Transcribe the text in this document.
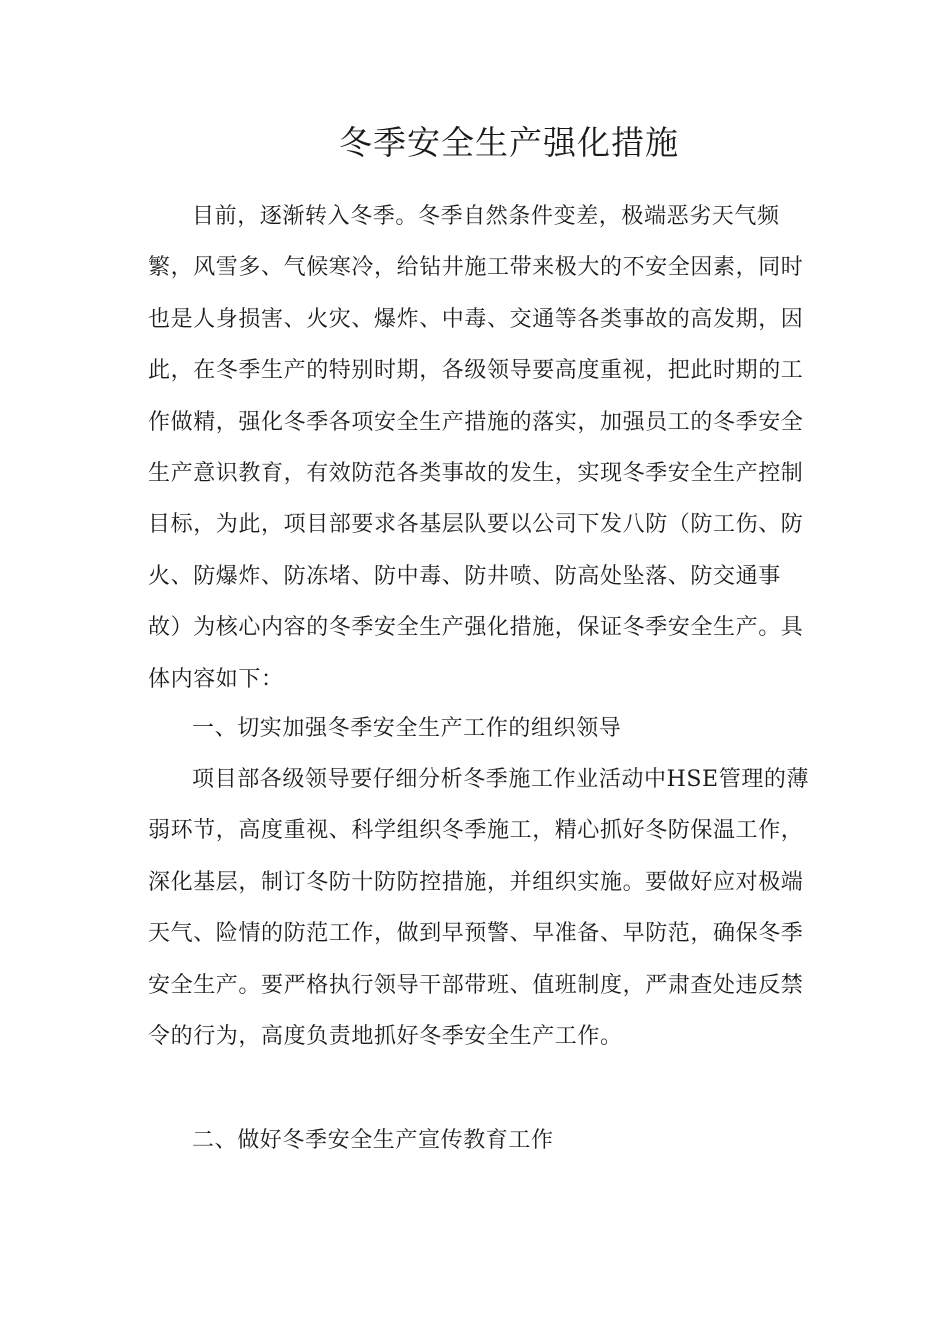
冬季安全生产强化措施
目前，逐渐转入冬季。冬季自然条件变差，极端恶劣天气频
繁，风雪多、气候寒冷，给钻井施工带来极大的不安全因素，同时
也是人身损害、火灾、爆炸、中毒、交通等各类事故的高发期，因
此，在冬季生产的特别时期，各级领导要高度重视，把此时期的工
作做精，强化冬季各项安全生产措施的落实，加强员工的冬季安全
生产意识教育，有效防范各类事故的发生，实现冬季安全生产控制
目标，为此，项目部要求各基层队要以公司下发八防（防工伤、防
火、防爆炸、防冻堵、防中毒、防井喷、防高处坠落、防交通事
故）为核心内容的冬季安全生产强化措施，保证冬季安全生产。具
体内容如下：
一、切实加强冬季安全生产工作的组织领导
项目部各级领导要仔细分析冬季施工作业活动中HSE管理的薄
弱环节，高度重视、科学组织冬季施工，精心抓好冬防保温工作，
深化基层，制订冬防十防防控措施，并组织实施。要做好应对极端
天气、险情的防范工作，做到早预警、早准备、早防范，确保冬季
安全生产。要严格执行领导干部带班、值班制度，严肃查处违反禁
令的行为，高度负责地抓好冬季安全生产工作。
二、做好冬季安全生产宣传教育工作
